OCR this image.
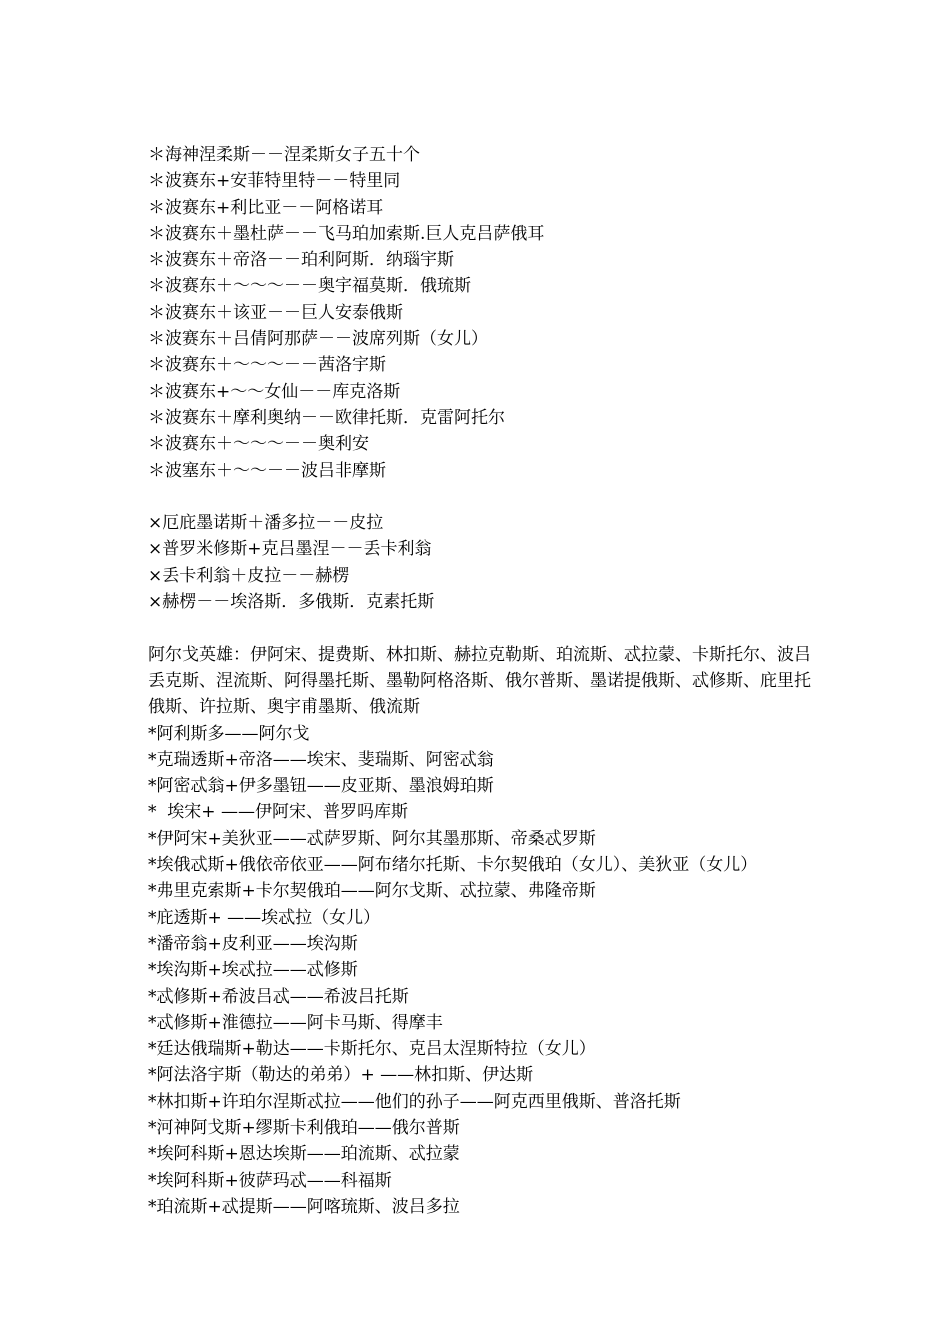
＊海神涅柔斯－－涅柔斯女子五十个
＊波赛东+安菲特里特－－特里同
＊波赛东+利比亚－－阿格诺耳
＊波赛东＋墨杜萨－－飞马珀加索斯.巨人克吕萨俄耳
＊波赛东＋帝洛－－珀利阿斯．纳瑙宇斯
＊波赛东＋～～～－－奥宇福莫斯．俄琉斯
＊波赛东＋该亚－－巨人安泰俄斯
＊波赛东＋吕倩阿那萨－－波席列斯（女儿）
＊波赛东＋～～～－－茜洛宇斯
＊波赛东+～～女仙－－库克洛斯
＊波赛东＋摩利奥纳－－欧律托斯．克雷阿托尔
＊波赛东＋～～～－－奥利安
＊波塞东＋～～－－波吕非摩斯
×厄庇墨诺斯＋潘多拉－－皮拉
×普罗米修斯+克吕墨涅－－丢卡利翁
×丢卡利翁＋皮拉－－赫楞
×赫楞－－埃洛斯．多俄斯．克素托斯
阿尔戈英雄：伊阿宋、提费斯、林扣斯、赫拉克勒斯、珀流斯、忒拉蒙、卡斯托尔、波吕丢克斯、涅流斯、阿得墨托斯、墨勒阿格洛斯、俄尔普斯、墨诺提俄斯、忒修斯、庇里托俄斯、许拉斯、奥宇甫墨斯、俄流斯
*阿利斯多——阿尔戈
*克瑞透斯+帝洛——埃宋、斐瑞斯、阿密忒翁
*阿密忒翁+伊多墨钮——皮亚斯、墨浪姆珀斯
*  埃宋+ ——伊阿宋、普罗吗库斯
*伊阿宋+美狄亚——忒萨罗斯、阿尔其墨那斯、帝桑忒罗斯
*埃俄忒斯+俄依帝依亚——阿布绪尔托斯、卡尔契俄珀（女儿）、美狄亚（女儿）
*弗里克索斯+卡尔契俄珀——阿尔戈斯、忒拉蒙、弗隆帝斯
*庇透斯+ ——埃忒拉（女儿）
*潘帝翁+皮利亚——埃沟斯
*埃沟斯+埃忒拉——忒修斯
*忒修斯+希波吕忒——希波吕托斯
*忒修斯+淮德拉——阿卡马斯、得摩丰
*廷达俄瑞斯+勒达——卡斯托尔、克吕太涅斯特拉（女儿）
*阿法洛宇斯（勒达的弟弟）+ ——林扣斯、伊达斯
*林扣斯+许珀尔涅斯忒拉——他们的孙子——阿克西里俄斯、普洛托斯
*河神阿戈斯+缪斯卡利俄珀——俄尔普斯
*埃阿科斯+恩达埃斯——珀流斯、忒拉蒙
*埃阿科斯+彼萨玛忒——科福斯
*珀流斯+忒提斯——阿喀琉斯、波吕多拉
